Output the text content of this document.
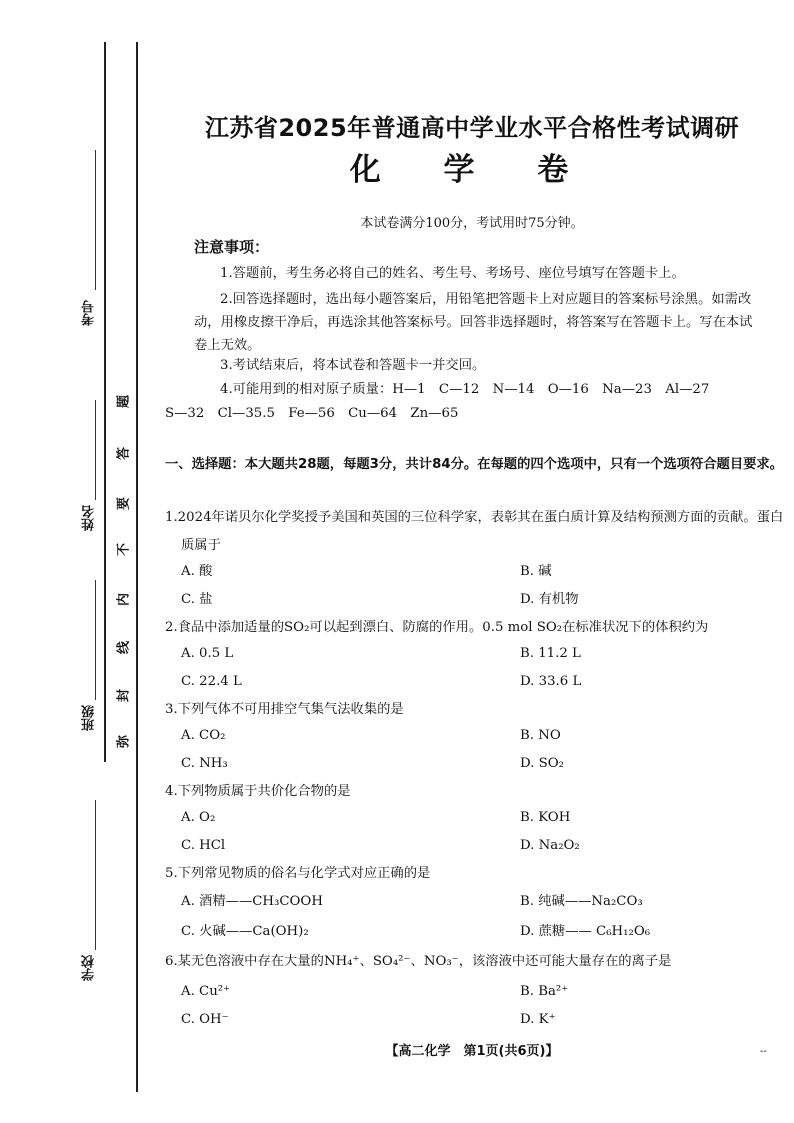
考号
姓名
班级
学校
题
答
要
不
内
线
封
弥
江苏省2025年普通高中学业水平合格性考试调研
化 学 卷
本试卷满分100分，考试用时75分钟。
注意事项：
1.答题前，考生务必将自己的姓名、考生号、考场号、座位号填写在答题卡上。
2.回答选择题时，选出每小题答案后，用铅笔把答题卡上对应题目的答案标号涂黑。如需改动，用橡皮擦干净后，再选涂其他答案标号。回答非选择题时，将答案写在答题卡上。写在本试卷上无效。
3.考试结束后，将本试卷和答题卡一并交回。
4.可能用到的相对原子质量：H—1　C—12　N—14　O—16　Na—23　Al—27
S—32　Cl—35.5　Fe—56　Cu—64　Zn—65
一、选择题：本大题共28题，每题3分，共计84分。在每题的四个选项中，只有一个选项符合题目要求。
1.2024年诺贝尔化学奖授予美国和英国的三位科学家，表彰其在蛋白质计算及结构预测方面的贡献。蛋白质属于
A. 酸	B. 碱
C. 盐	D. 有机物
2.食品中添加适量的SO₂可以起到漂白、防腐的作用。0.5 mol SO₂在标准状况下的体积约为
A. 0.5 L	B. 11.2 L
C. 22.4 L	D. 33.6 L
3.下列气体不可用排空气集气法收集的是
A. CO₂	B. NO
C. NH₃	D. SO₂
4.下列物质属于共价化合物的是
A. O₂	B. KOH
C. HCl	D. Na₂O₂
5.下列常见物质的俗名与化学式对应正确的是
A. 酒精——CH₃COOH	B. 纯碱——Na₂CO₃
C. 火碱——Ca(OH)₂	D. 蔗糖—— C₆H₁₂O₆
6.某无色溶液中存在大量的NH₄⁺、SO₄²⁻、NO₃⁻，该溶液中还可能大量存在的离子是
A. Cu²⁺	B. Ba²⁺
C. OH⁻	D. K⁺
【高二化学　第1页(共6页)】	--
